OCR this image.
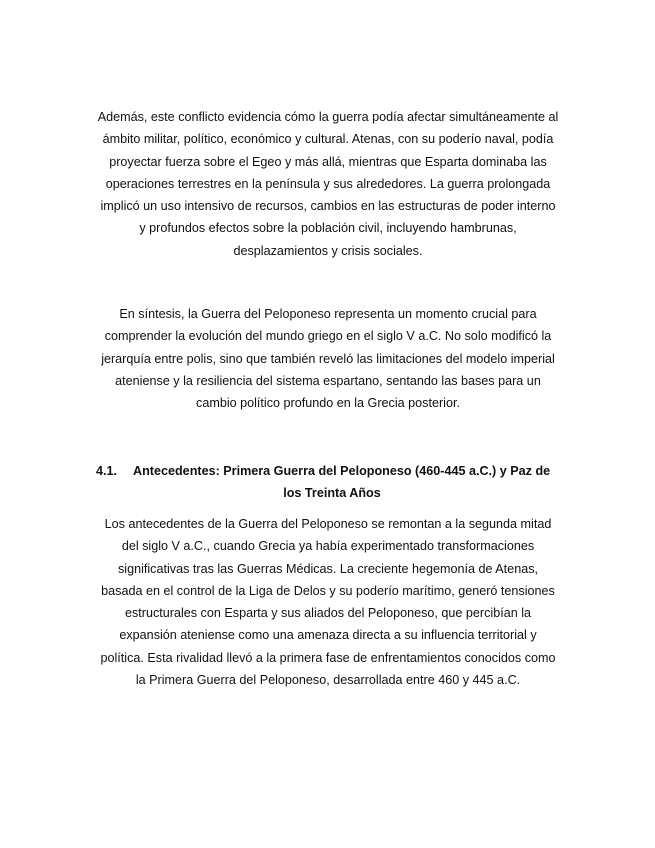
Además, este conflicto evidencia cómo la guerra podía afectar simultáneamente al
ámbito militar, político, económico y cultural. Atenas, con su poderío naval, podía
proyectar fuerza sobre el Egeo y más allá, mientras que Esparta dominaba las
operaciones terrestres en la península y sus alrededores. La guerra prolongada
implicó un uso intensivo de recursos, cambios en las estructuras de poder interno
y profundos efectos sobre la población civil, incluyendo hambrunas,
desplazamientos y crisis sociales.

En síntesis, la Guerra del Peloponeso representa un momento crucial para
comprender la evolución del mundo griego en el siglo V a.C. No solo modificó la
jerarquía entre polis, sino que también reveló las limitaciones del modelo imperial
ateniense y la resiliencia del sistema espartano, sentando las bases para un
cambio político profundo en la Grecia posterior.

4.1. Antecedentes: Primera Guerra del Peloponeso (460-445 a.C.) y Paz de
los Treinta Años

Los antecedentes de la Guerra del Peloponeso se remontan a la segunda mitad
del siglo V a.C., cuando Grecia ya había experimentado transformaciones
significativas tras las Guerras Médicas. La creciente hegemonía de Atenas,
basada en el control de la Liga de Delos y su poderío marítimo, generó tensiones
estructurales con Esparta y sus aliados del Peloponeso, que percibían la
expansión ateniense como una amenaza directa a su influencia territorial y
política. Esta rivalidad llevó a la primera fase de enfrentamientos conocidos como
la Primera Guerra del Peloponeso, desarrollada entre 460 y 445 a.C.
